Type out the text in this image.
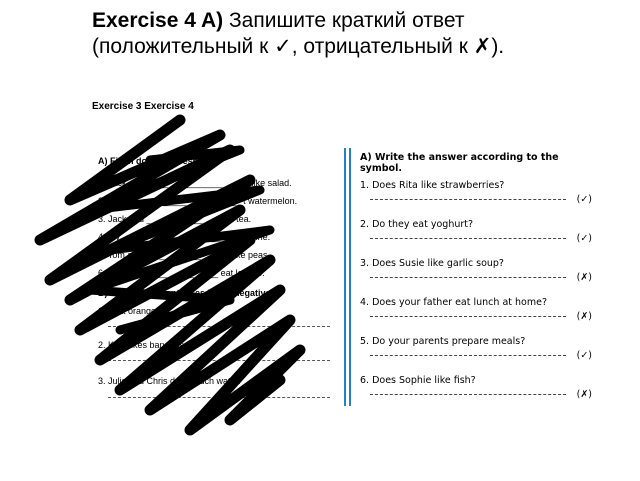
Exercise 4 A) Запишите краткий ответ
(положительный к ✓, отрицательный к ✗).
Exercise 3 Exercise 4
A) Fill in don't or doesn't.
1. Jack ________________________ like salad.
2. Bell _______________________ t watermelon.
3. Jack and ________________ k tea.
4. My ______________________ ink wine.
5. Tom and Bill ______________ like peas.
6. I _____________________ eat lettuce.
B) Rewrite the sentences in the negative.
1. I eat oranges.
2. Kate likes bananas.
3. Julie and Chris drink much water.
A) Write the answer according to the symbol.
1. Does Rita like strawberries?
(✓)
2. Do they eat yoghurt?
(✓)
3. Does Susie like garlic soup?
(✗)
4. Does your father eat lunch at home?
(✗)
5. Do your parents prepare meals?
(✓)
6. Does Sophie like fish?
(✗)
